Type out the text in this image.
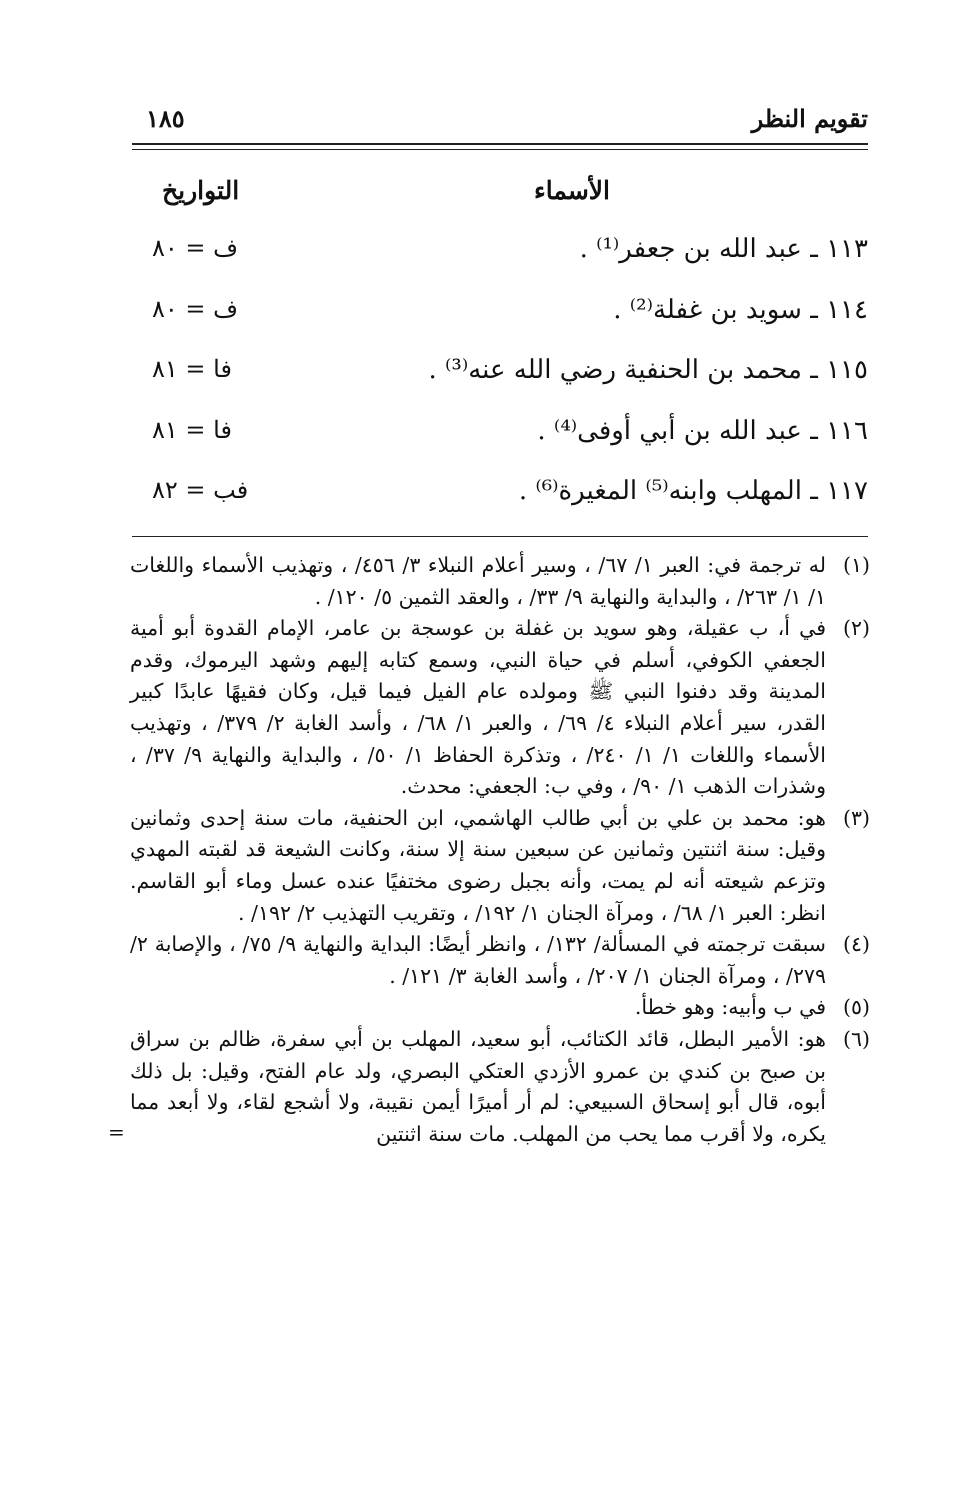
تقويم النظر
١٨٥
الأسماء
التواريخ
١١٣ ـ عبد الله بن جعفر⁽¹⁾ .
ف = ٨٠
١١٤ ـ سويد بن غفلة⁽²⁾ .
ف = ٨٠
١١٥ ـ محمد بن الحنفية رضي الله عنه⁽³⁾ .
فا = ٨١
١١٦ ـ عبد الله بن أبي أوفى⁽⁴⁾ .
فا = ٨١
١١٧ ـ المهلب وابنه⁽⁵⁾ المغيرة⁽⁶⁾ .
فب = ٨٢
(١)
له ترجمة في: العبر ١/ ٦٧/ ، وسير أعلام النبلاء ٣/ ٤٥٦/ ، وتهذيب الأسماء واللغات ١/ ١/ ٢٦٣/ ، والبداية والنهاية ٩/ ٣٣/ ، والعقد الثمين ٥/ ١٢٠/ .
(٢)
في أ، ب عقيلة، وهو سويد بن غفلة بن عوسجة بن عامر، الإمام القدوة أبو أمية الجعفي الكوفي، أسلم في حياة النبي، وسمع كتابه إليهم وشهد اليرموك، وقدم المدينة وقد دفنوا النبي ﷺ ومولده عام الفيل فيما قيل، وكان فقيهًا عابدًا كبير القدر، سير أعلام النبلاء ٤/ ٦٩/ ، والعبر ١/ ٦٨/ ، وأسد الغابة ٢/ ٣٧٩/ ، وتهذيب الأسماء واللغات ١/ ١/ ٢٤٠/ ، وتذكرة الحفاظ ١/ ٥٠/ ، والبداية والنهاية ٩/ ٣٧/ ، وشذرات الذهب ١/ ٩٠/ ، وفي ب: الجعفي: محدث.
(٣)
هو: محمد بن علي بن أبي طالب الهاشمي، ابن الحنفية، مات سنة إحدى وثمانين وقيل: سنة اثنتين وثمانين عن سبعين سنة إلا سنة، وكانت الشيعة قد لقبته المهدي وتزعم شيعته أنه لم يمت، وأنه بجبل رضوى مختفيًا عنده عسل وماء أبو القاسم. انظر: العبر ١/ ٦٨/ ، ومرآة الجنان ١/ ١٩٢/ ، وتقريب التهذيب ٢/ ١٩٢/ .
(٤)
سبقت ترجمته في المسألة/ ١٣٢/ ، وانظر أيضًا: البداية والنهاية ٩/ ٧٥/ ، والإصابة ٢/ ٢٧٩/ ، ومرآة الجنان ١/ ٢٠٧/ ، وأسد الغابة ٣/ ١٢١/ .
(٥)
في ب وأبيه: وهو خطأ.
(٦)
هو: الأمير البطل، قائد الكتائب، أبو سعيد، المهلب بن أبي سفرة، ظالم بن سراق بن صبح بن كندي بن عمرو الأزدي العتكي البصري، ولد عام الفتح، وقيل: بل ذلك أبوه، قال أبو إسحاق السبيعي: لم أر أميرًا أيمن نقيبة، ولا أشجع لقاء، ولا أبعد مما يكره، ولا أقرب مما يحب من المهلب. مات سنة اثنتين
=
